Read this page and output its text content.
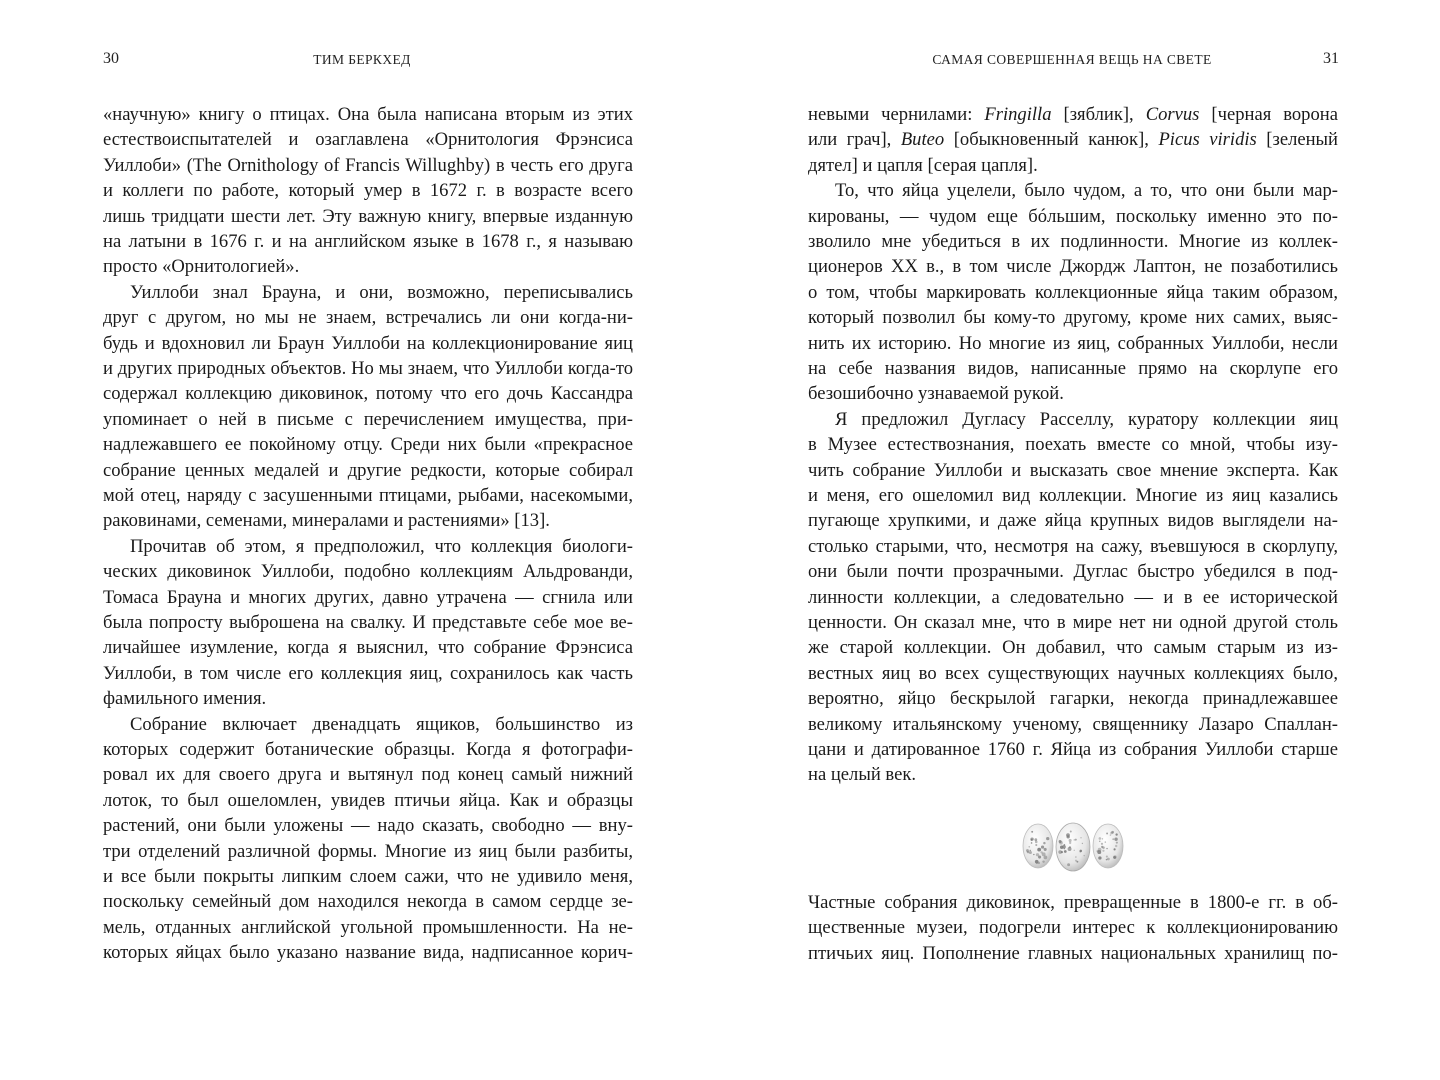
30	ТИМ БЕРКХЕД
«научную» книгу о птицах. Она была написана вторым из этих
естествоиспытателей и озаглавлена «Орнитология Фрэнсиса
Уиллоби» (The Ornithology of Francis Willughby) в честь его друга
и коллеги по работе, который умер в 1672 г. в возрасте всего
лишь тридцати шести лет. Эту важную книгу, впервые изданную
на латыни в 1676 г. и на английском языке в 1678 г., я называю
просто «Орнитологией».
Уиллоби знал Брауна, и они, возможно, переписывались
друг с другом, но мы не знаем, встречались ли они когда-ни-
будь и вдохновил ли Браун Уиллоби на коллекционирование яиц
и других природных объектов. Но мы знаем, что Уиллоби когда-то
содержал коллекцию диковинок, потому что его дочь Кассандра
упоминает о ней в письме с перечислением имущества, при-
надлежавшего ее покойному отцу. Среди них были «прекрасное
собрание ценных медалей и другие редкости, которые собирал
мой отец, наряду с засушенными птицами, рыбами, насекомыми,
раковинами, семенами, минералами и растениями» [13].
Прочитав об этом, я предположил, что коллекция биологи-
ческих диковинок Уиллоби, подобно коллекциям Альдрованди,
Томаса Брауна и многих других, давно утрачена — сгнила или
была попросту выброшена на свалку. И представьте себе мое ве-
личайшее изумление, когда я выяснил, что собрание Фрэнсиса
Уиллоби, в том числе его коллекция яиц, сохранилось как часть
фамильного имения.
Собрание включает двенадцать ящиков, большинство из
которых содержит ботанические образцы. Когда я фотографи-
ровал их для своего друга и вытянул под конец самый нижний
лоток, то был ошеломлен, увидев птичьи яйца. Как и образцы
растений, они были уложены — надо сказать, свободно — вну-
три отделений различной формы. Многие из яиц были разбиты,
и все были покрыты липким слоем сажи, что не удивило меня,
поскольку семейный дом находился некогда в самом сердце зе-
мель, отданных английской угольной промышленности. На не-
которых яйцах было указано название вида, надписанное корич-
САМАЯ СОВЕРШЕННАЯ ВЕЩЬ НА СВЕТЕ	31
невыми чернилами: Fringilla [зяблик], Corvus [черная ворона
или грач], Buteo [обыкновенный канюк], Picus viridis [зеленый
дятел] и цапля [серая цапля].
То, что яйца уцелели, было чудом, а то, что они были мар-
кированы, — чудом еще бóльшим, поскольку именно это по-
зволило мне убедиться в их подлинности. Многие из коллек-
ционеров XX в., в том числе Джордж Лаптон, не позаботились
о том, чтобы маркировать коллекционные яйца таким образом,
который позволил бы кому-то другому, кроме них самих, выяс-
нить их историю. Но многие из яиц, собранных Уиллоби, несли
на себе названия видов, написанные прямо на скорлупе его
безошибочно узнаваемой рукой.
Я предложил Дугласу Расселлу, куратору коллекции яиц
в Музее естествознания, поехать вместе со мной, чтобы изу-
чить собрание Уиллоби и высказать свое мнение эксперта. Как
и меня, его ошеломил вид коллекции. Многие из яиц казались
пугающе хрупкими, и даже яйца крупных видов выглядели на-
столько старыми, что, несмотря на сажу, въевшуюся в скорлупу,
они были почти прозрачными. Дуглас быстро убедился в под-
линности коллекции, а следовательно — и в ее исторической
ценности. Он сказал мне, что в мире нет ни одной другой столь
же старой коллекции. Он добавил, что самым старым из из-
вестных яиц во всех существующих научных коллекциях было,
вероятно, яйцо бескрылой гагарки, некогда принадлежавшее
великому итальянскому ученому, священнику Лазаро Спаллан-
цани и датированное 1760 г. Яйца из собрания Уиллоби старше
на целый век.
Частные собрания диковинок, превращенные в 1800-е гг. в об-
щественные музеи, подогрели интерес к коллекционированию
птичьих яиц. Пополнение главных национальных хранилищ по-
